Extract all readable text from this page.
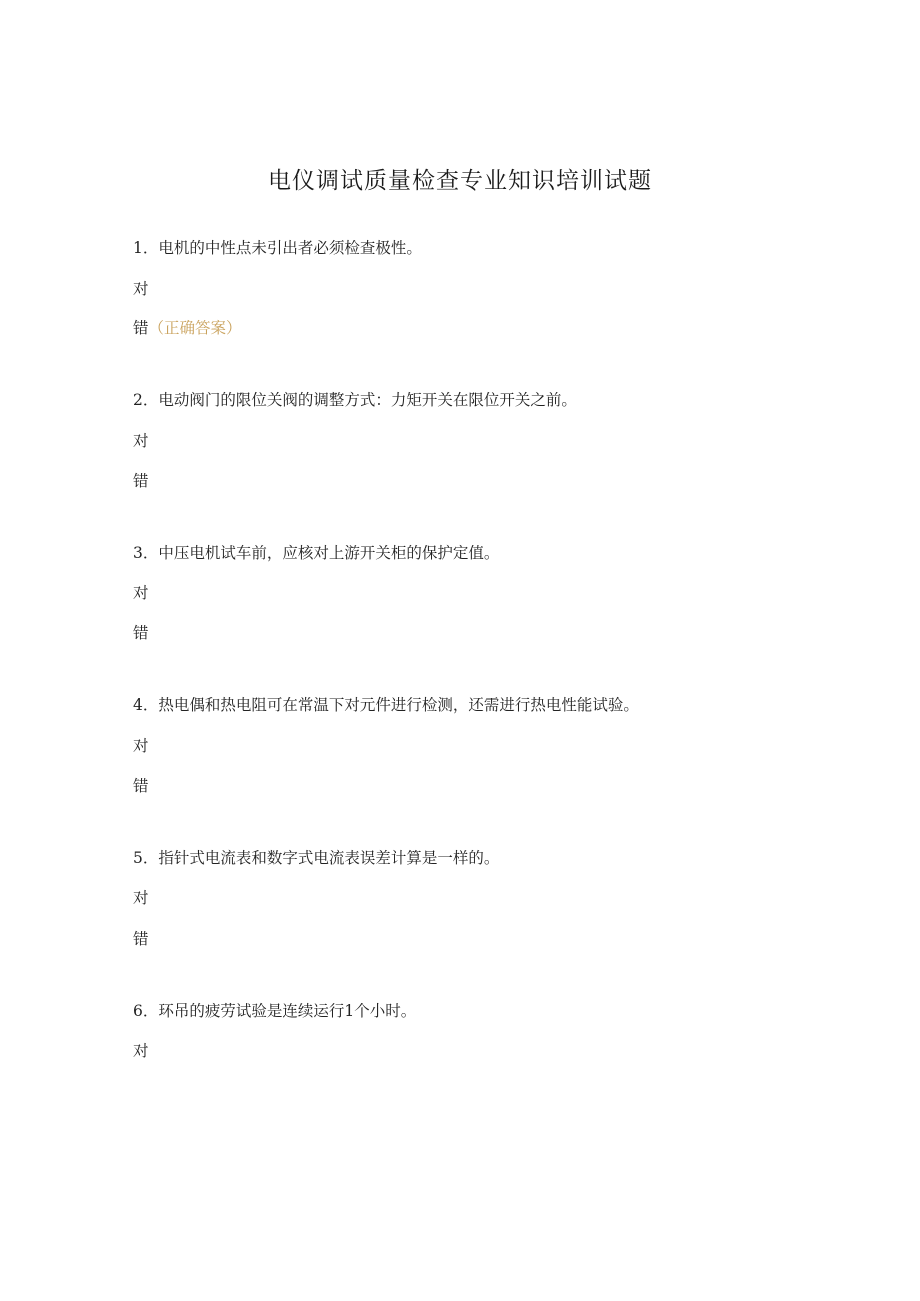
电仪调试质量检查专业知识培训试题
1．电机的中性点未引出者必须检查极性。
对
错（正确答案）
2．电动阀门的限位关阀的调整方式：力矩开关在限位开关之前。
对
错
3．中压电机试车前，应核对上游开关柜的保护定值。
对
错
4．热电偶和热电阻可在常温下对元件进行检测，还需进行热电性能试验。
对
错
5．指针式电流表和数字式电流表误差计算是一样的。
对
错
6．环吊的疲劳试验是连续运行1个小时。
对
